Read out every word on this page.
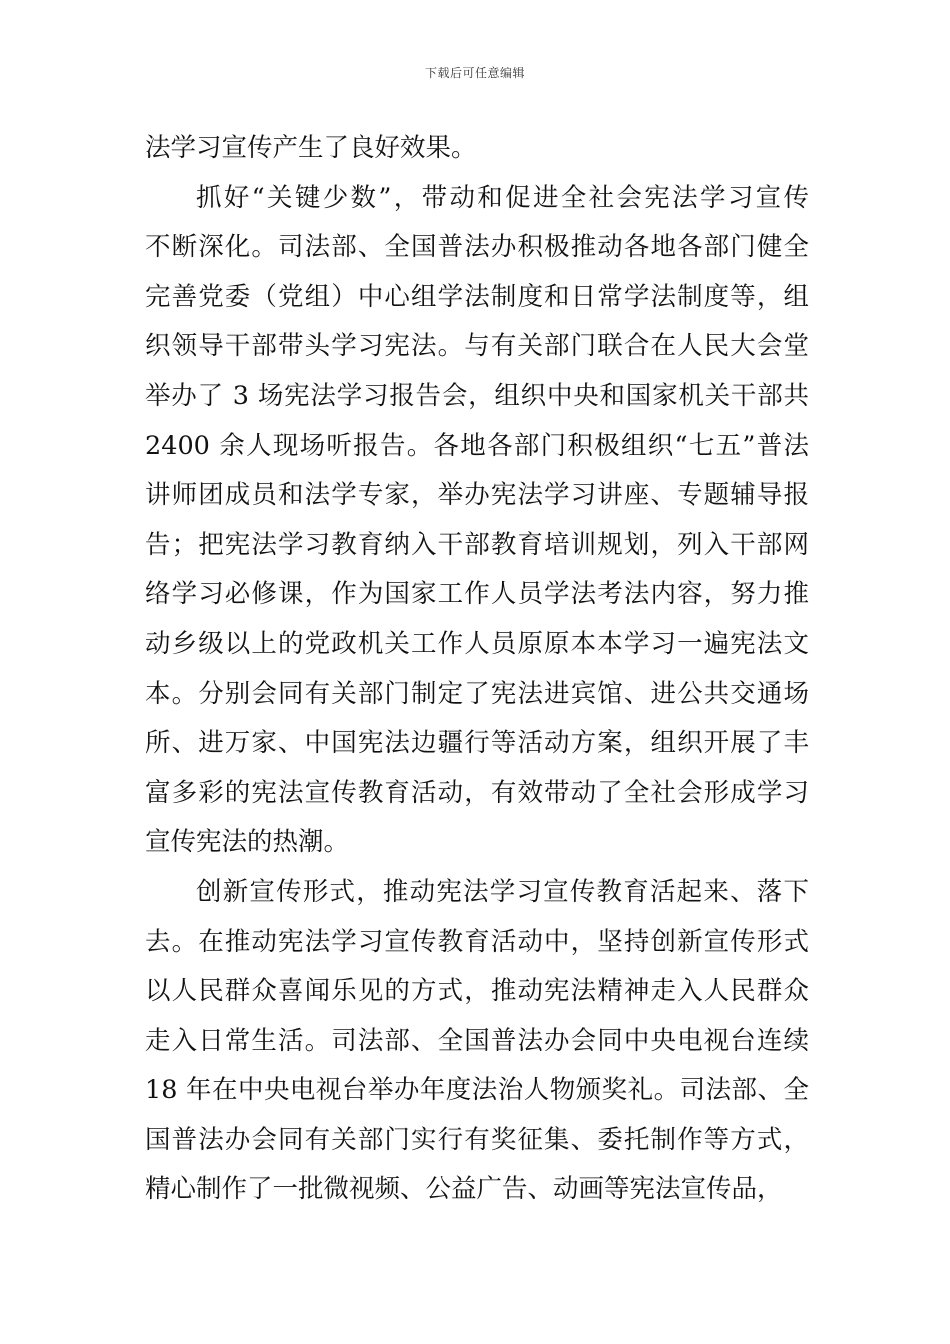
下载后可任意编辑
法学习宣传产生了良好效果。
抓好“关键少数”，带动和促进全社会宪法学习宣传
不断深化。司法部、全国普法办积极推动各地各部门健全
完善党委（党组）中心组学法制度和日常学法制度等，组
织领导干部带头学习宪法。与有关部门联合在人民大会堂
举办了 3 场宪法学习报告会，组织中央和国家机关干部共
2400 余人现场听报告。各地各部门积极组织“七五”普法
讲师团成员和法学专家，举办宪法学习讲座、专题辅导报
告；把宪法学习教育纳入干部教育培训规划，列入干部网
络学习必修课，作为国家工作人员学法考法内容，努力推
动乡级以上的党政机关工作人员原原本本学习一遍宪法文
本。分别会同有关部门制定了宪法进宾馆、进公共交通场
所、进万家、中国宪法边疆行等活动方案，组织开展了丰
富多彩的宪法宣传教育活动，有效带动了全社会形成学习
宣传宪法的热潮。
创新宣传形式，推动宪法学习宣传教育活起来、落下
去。在推动宪法学习宣传教育活动中，坚持创新宣传形式
以人民群众喜闻乐见的方式，推动宪法精神走入人民群众
走入日常生活。司法部、全国普法办会同中央电视台连续
18 年在中央电视台举办年度法治人物颁奖礼。司法部、全
国普法办会同有关部门实行有奖征集、委托制作等方式，
精心制作了一批微视频、公益广告、动画等宪法宣传品，
